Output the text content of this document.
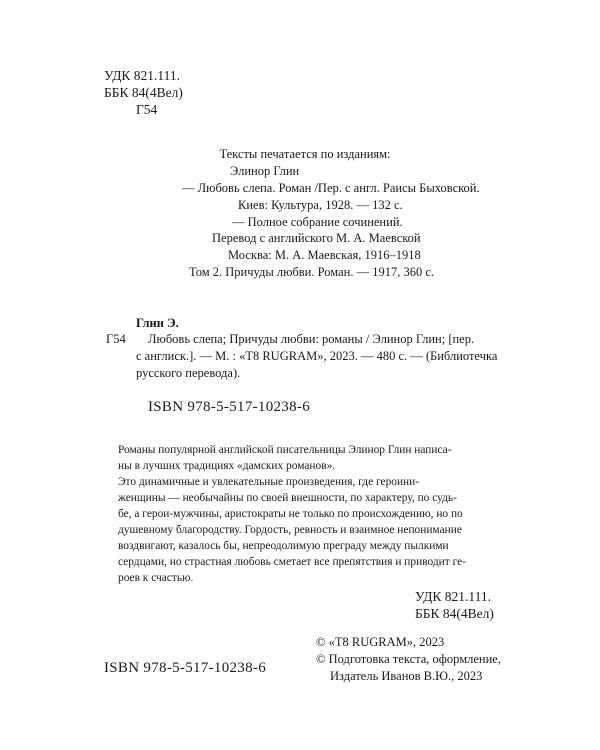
УДК 821.111.
ББК 84(4Вел)
Г54
Тексты печатается по изданиям:
Элинор Глин
— Любовь слепа. Роман /Пер. с англ. Раисы Быховской.
Киев: Культура, 1928. — 132 с.
— Полное собрание сочинений.
Перевод с английского М. А. Маевской
Москва: М. А. Маевская, 1916–1918
Том 2. Причуды любви. Роман. — 1917, 360 с.
Глин Э.
Г54 Любовь слепа; Причуды любви: романы / Элинор Глин; [пер.
с англиск.]. — М. : «T8 RUGRAM», 2023. — 480 с. — (Библиотечка
русского перевода).
ISBN 978-5-517-10238-6
Романы популярной английской писательницы Элинор Глин написа-
ны в лучших традициях «дамских романов».
Это динамичные и увлекательные произведения, где героини-
женщины — необычайны по своей внешности, по характеру, по судь-
бе, а герои-мужчины, аристократы не только по происхождению, но по
душевному благородству. Гордость, ревность и взаимное непонимание
воздвигают, казалось бы, непреодолимую преграду между пылкими
сердцами, но страстная любовь сметает все препятствия и приводит ге-
роев к счастью.
УДК 821.111.
ББК 84(4Вел)
ISBN 978-5-517-10238-6
© «T8 RUGRAM», 2023
© Подготовка текста, оформление,
Издатель Иванов В.Ю., 2023
